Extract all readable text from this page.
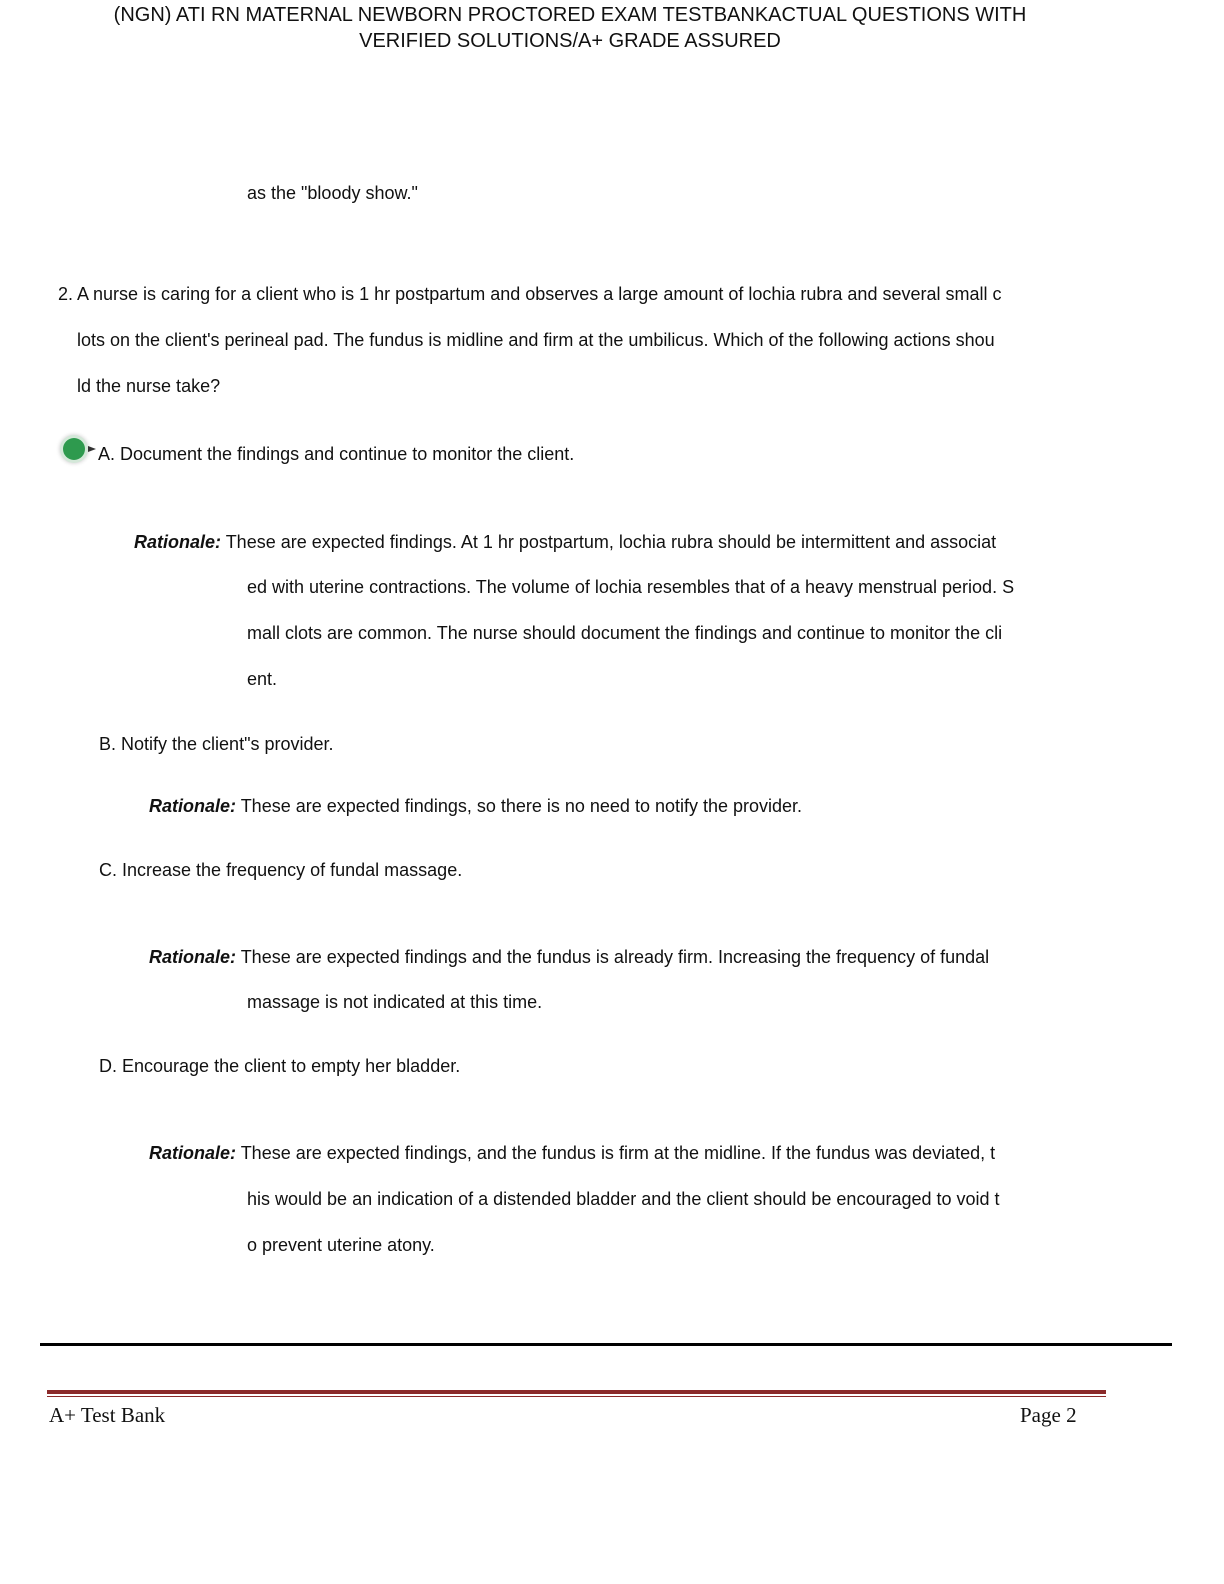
(NGN) ATI RN MATERNAL NEWBORN PROCTORED EXAM TESTBANKACTUAL QUESTIONS WITH
VERIFIED SOLUTIONS/A+ GRADE ASSURED
as the "bloody show."
2. A nurse is caring for a client who is 1 hr postpartum and observes a large amount of lochia rubra and several small c
lots on the client's perineal pad. The fundus is midline and firm at the umbilicus. Which of the following actions shou
ld the nurse take?
A. Document the findings and continue to monitor the client.
Rationale: These are expected findings. At 1 hr postpartum, lochia rubra should be intermittent and associat
ed with uterine contractions. The volume of lochia resembles that of a heavy menstrual period. S
mall clots are common. The nurse should document the findings and continue to monitor the cli
ent.
B. Notify the client"s provider.
Rationale: These are expected findings, so there is no need to notify the provider.
C. Increase the frequency of fundal massage.
Rationale: These are expected findings and the fundus is already firm. Increasing the frequency of fundal
massage is not indicated at this time.
D. Encourage the client to empty her bladder.
Rationale: These are expected findings, and the fundus is firm at the midline. If the fundus was deviated, t
his would be an indication of a distended bladder and the client should be encouraged to void t
o prevent uterine atony.
A+ Test Bank	Page 2
